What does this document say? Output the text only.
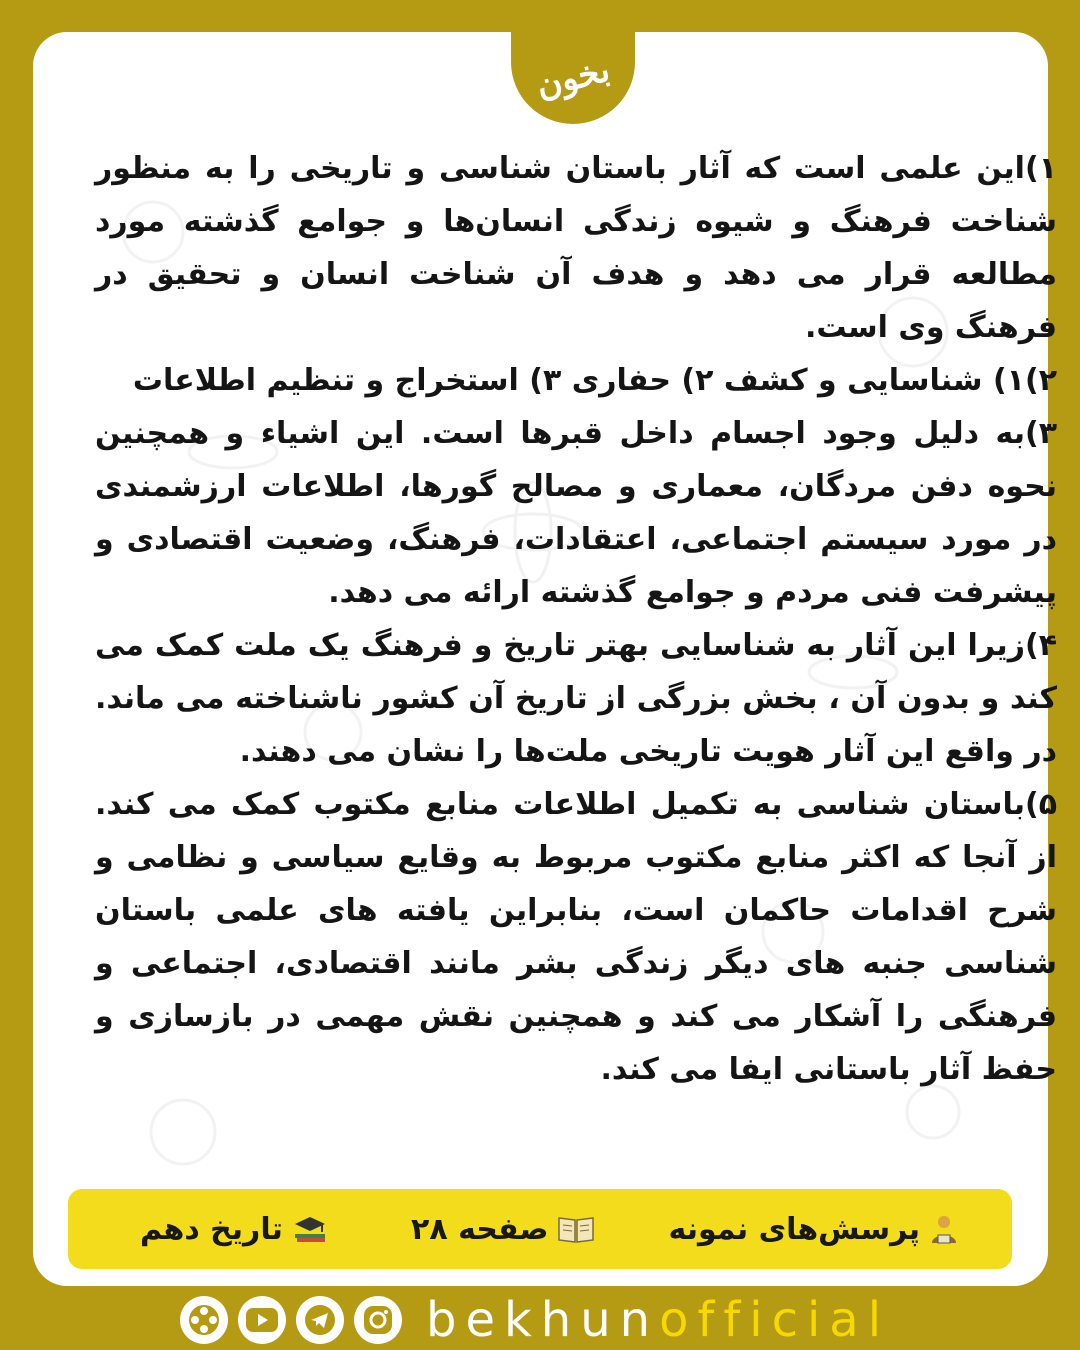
بخون

۱)این علمی است که آثار باستان شناسی و تاریخی را به منظور شناخت فرهنگ و شیوه زندگی انسان‌ها و جوامع گذشته مورد مطالعه قرار می دهد و هدف آن شناخت انسان و تحقیق در فرهنگ وی است.

۲)۱) شناسایی و کشف ۲) حفاری ۳) استخراج و تنظیم اطلاعات

۳)به دلیل وجود اجسام داخل قبرها است. این اشیاء و همچنین نحوه دفن مردگان، معماری و مصالح گورها، اطلاعات ارزشمندی در مورد سیستم اجتماعی، اعتقادات، فرهنگ، وضعیت اقتصادی و پیشرفت فنی مردم و جوامع گذشته ارائه می دهد.

۴)زیرا این آثار به شناسایی بهتر تاریخ و فرهنگ یک ملت کمک می کند و بدون آن ، بخش بزرگی از تاریخ آن کشور ناشناخته می ماند. در واقع این آثار هویت تاریخی ملت‌ها را نشان می دهند.

۵)باستان شناسی به تکمیل اطلاعات منابع مکتوب کمک می کند. از آنجا که اکثر منابع مکتوب مربوط به وقایع سیاسی و نظامی و شرح اقدامات حاکمان است، بنابراین یافته های علمی باستان شناسی جنبه های دیگر زندگی بشر مانند اقتصادی، اجتماعی و فرهنگی را آشکار می کند و همچنین نقش مهمی در بازسازی و حفظ آثار باستانی ایفا می کند.

پرسش‌های نمونه
صفحه ۲۸
تاریخ دهم
bekhunofficial
